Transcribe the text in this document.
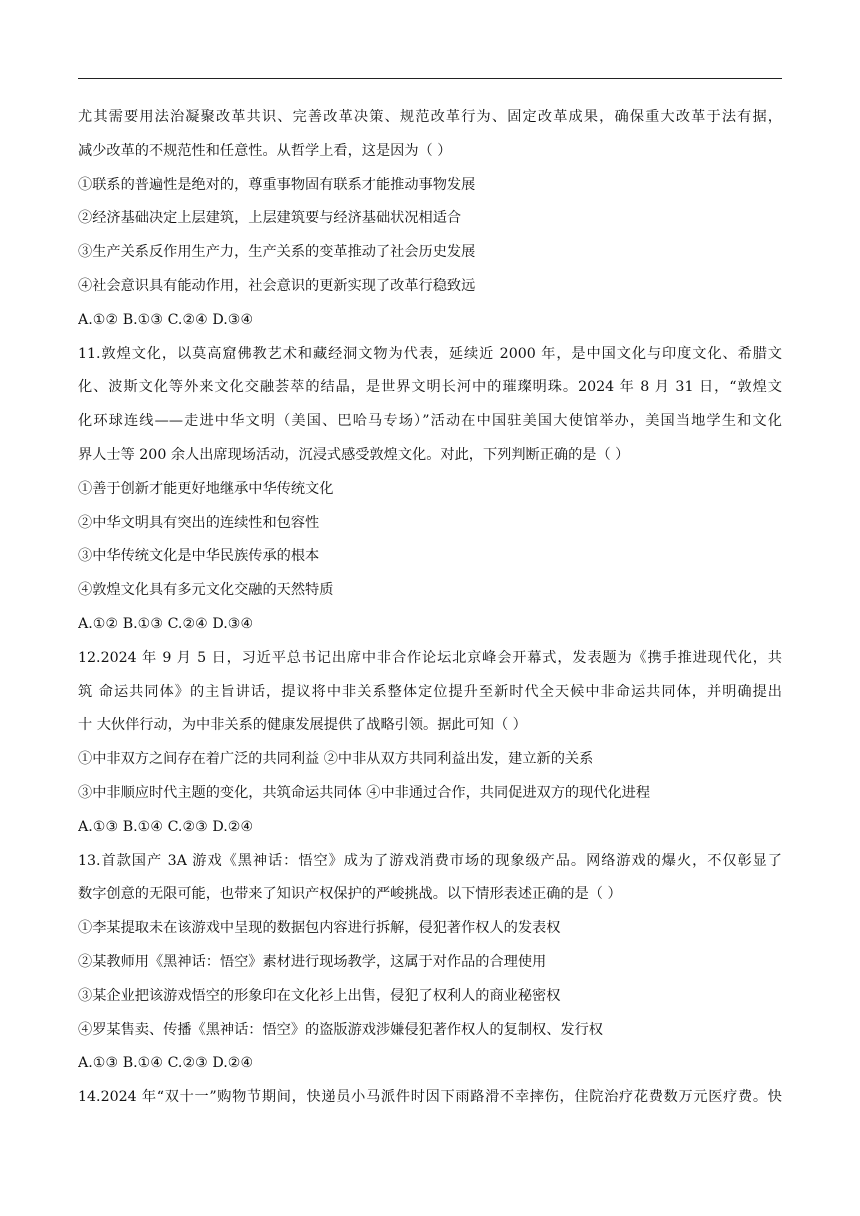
尤其需要用法治凝聚改革共识、完善改革决策、规范改革行为、固定改革成果，确保重大改革于法有据，
减少改革的不规范性和任意性。从哲学上看，这是因为（ ）
①联系的普遍性是绝对的，尊重事物固有联系才能推动事物发展
②经济基础决定上层建筑，上层建筑要与经济基础状况相适合
③生产关系反作用生产力，生产关系的变革推动了社会历史发展
④社会意识具有能动作用，社会意识的更新实现了改革行稳致远
A.①② B.①③ C.②④ D.③④
11.敦煌文化，以莫高窟佛教艺术和藏经洞文物为代表，延续近 2000 年，是中国文化与印度文化、希腊文
化、波斯文化等外来文化交融荟萃的结晶，是世界文明长河中的璀璨明珠。2024 年 8 月 31 日，“敦煌文
化环球连线——走进中华文明（美国、巴哈马专场）”活动在中国驻美国大使馆举办，美国当地学生和文化
界人士等 200 余人出席现场活动，沉浸式感受敦煌文化。对此，下列判断正确的是（ ）
①善于创新才能更好地继承中华传统文化
②中华文明具有突出的连续性和包容性
③中华传统文化是中华民族传承的根本
④敦煌文化具有多元文化交融的天然特质
A.①② B.①③ C.②④ D.③④
12.2024 年 9 月 5 日，习近平总书记出席中非合作论坛北京峰会开幕式，发表题为《携手推进现代化，共
筑 命运共同体》的主旨讲话，提议将中非关系整体定位提升至新时代全天候中非命运共同体，并明确提出
十 大伙伴行动，为中非关系的健康发展提供了战略引领。据此可知（ ）
①中非双方之间存在着广泛的共同利益 ②中非从双方共同利益出发，建立新的关系
③中非顺应时代主题的变化，共筑命运共同体 ④中非通过合作，共同促进双方的现代化进程
A.①③ B.①④ C.②③ D.②④
13.首款国产 3A 游戏《黑神话：悟空》成为了游戏消费市场的现象级产品。网络游戏的爆火，不仅彰显了
数字创意的无限可能，也带来了知识产权保护的严峻挑战。以下情形表述正确的是（ ）
①李某提取未在该游戏中呈现的数据包内容进行拆解，侵犯著作权人的发表权
②某教师用《黑神话：悟空》素材进行现场教学，这属于对作品的合理使用
③某企业把该游戏悟空的形象印在文化衫上出售，侵犯了权利人的商业秘密权
④罗某售卖、传播《黑神话：悟空》的盗版游戏涉嫌侵犯著作权人的复制权、发行权
A.①③ B.①④ C.②③ D.②④
14.2024 年“双十一”购物节期间，快递员小马派件时因下雨路滑不幸摔伤，住院治疗花费数万元医疗费。快
